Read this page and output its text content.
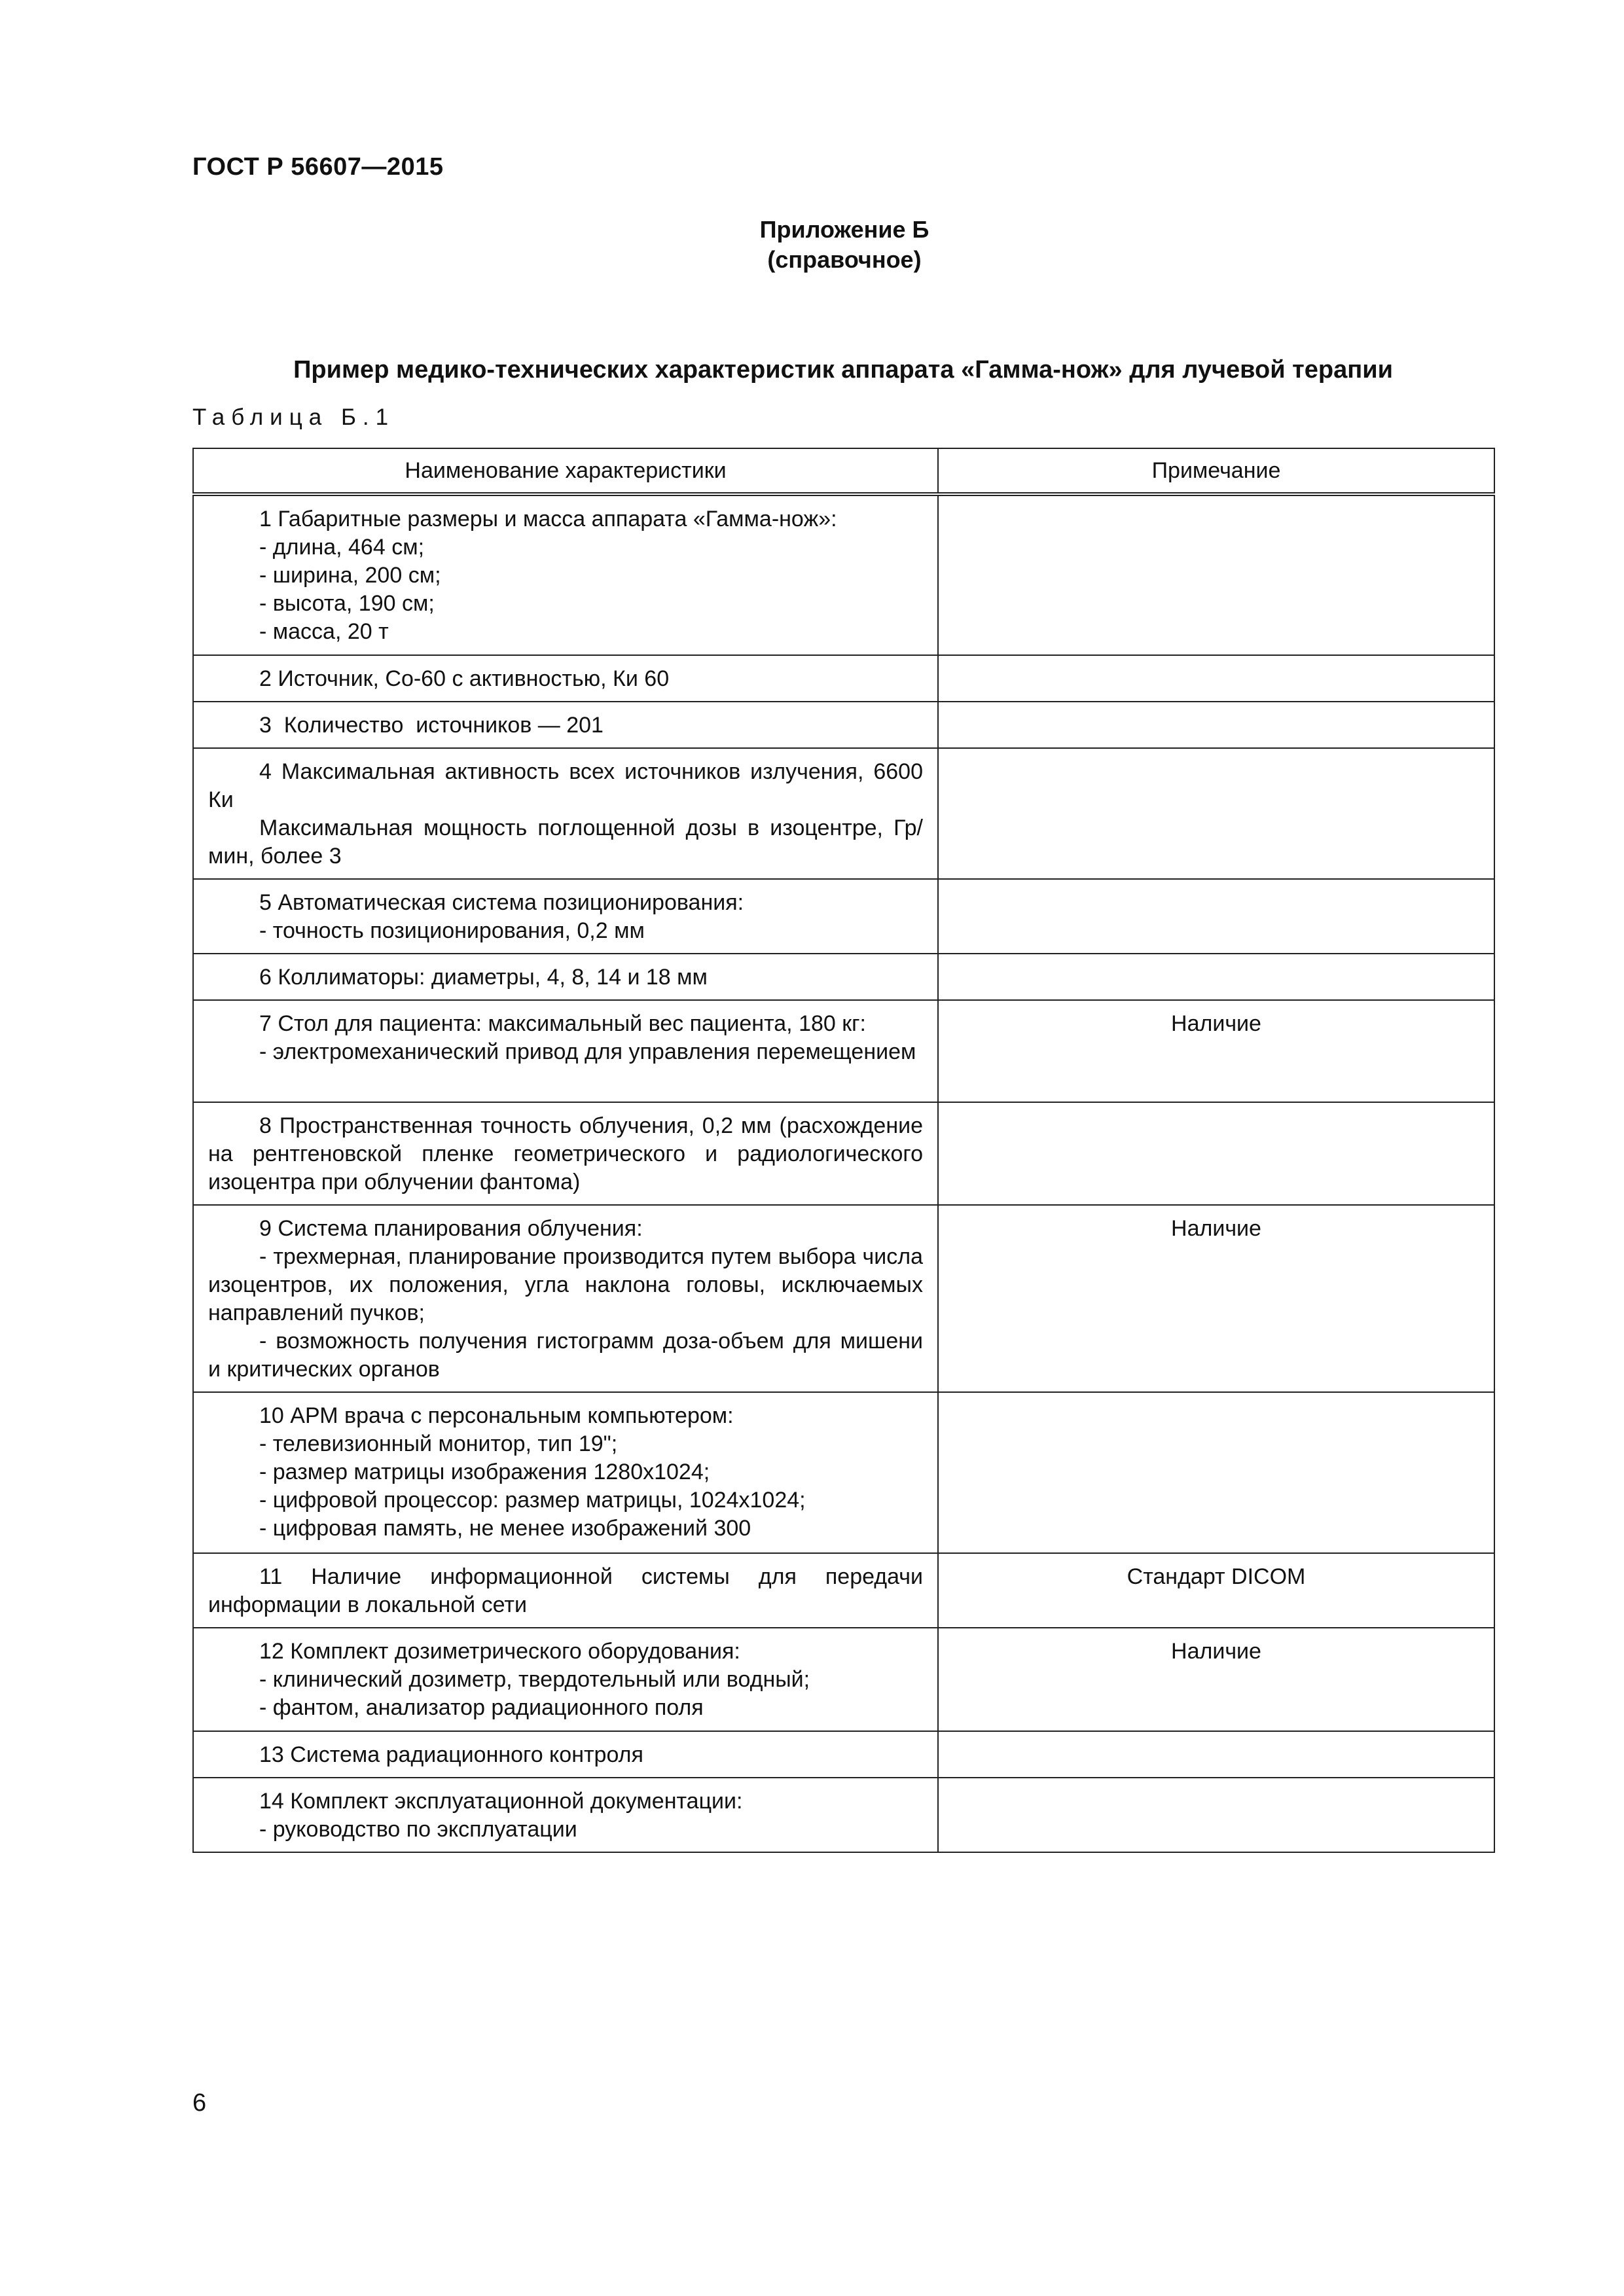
ГОСТ Р 56607—2015
Приложение Б
(справочное)
Пример медико-технических характеристик аппарата «Гамма-нож» для лучевой терапии
Таблица Б.1
Наименование характеристики	Примечание

1 Габаритные размеры и масса аппарата «Гамма-нож»:
- длина, 464 см;
- ширина, 200 см;
- высота, 190 см;
- масса, 20 т	

2 Источник, Co-60 с активностью, Ки 60	

3  Количество  источников — 201	

4 Максимальная активность всех источников излучения, 6600 Ки
Максимальная мощность поглощенной дозы в изоцентре, Гр/мин, более 3	

5 Автоматическая система позиционирования:
- точность позиционирования, 0,2 мм	

6 Коллиматоры: диаметры, 4, 8, 14 и 18 мм	

7 Стол для пациента: максимальный вес пациента, 180 кг:
- электромеханический привод для управления перемещением	Наличие

8 Пространственная точность облучения, 0,2 мм (расхождение на рентгеновской пленке геометрического и радиологического изоцентра при облучении фантома)	

9 Система планирования облучения:
- трехмерная, планирование производится путем выбора числа изоцентров, их положения, угла наклона головы, исключаемых направлений пучков;
- возможность получения гистограмм доза-объем для мишени и критических органов	Наличие

10 АРМ врача с персональным компьютером:
- телевизионный монитор, тип 19";
- размер матрицы изображения 1280x1024;
- цифровой процессор: размер матрицы, 1024x1024;
- цифровая память, не менее изображений 300	

11 Наличие информационной системы для передачи информации в локальной сети	Стандарт DICOM

12 Комплект дозиметрического оборудования:
- клинический дозиметр, твердотельный или водный;
- фантом, анализатор радиационного поля	Наличие

13 Система радиационного контроля	

14 Комплект эксплуатационной документации:
- руководство по эксплуатации	

6
